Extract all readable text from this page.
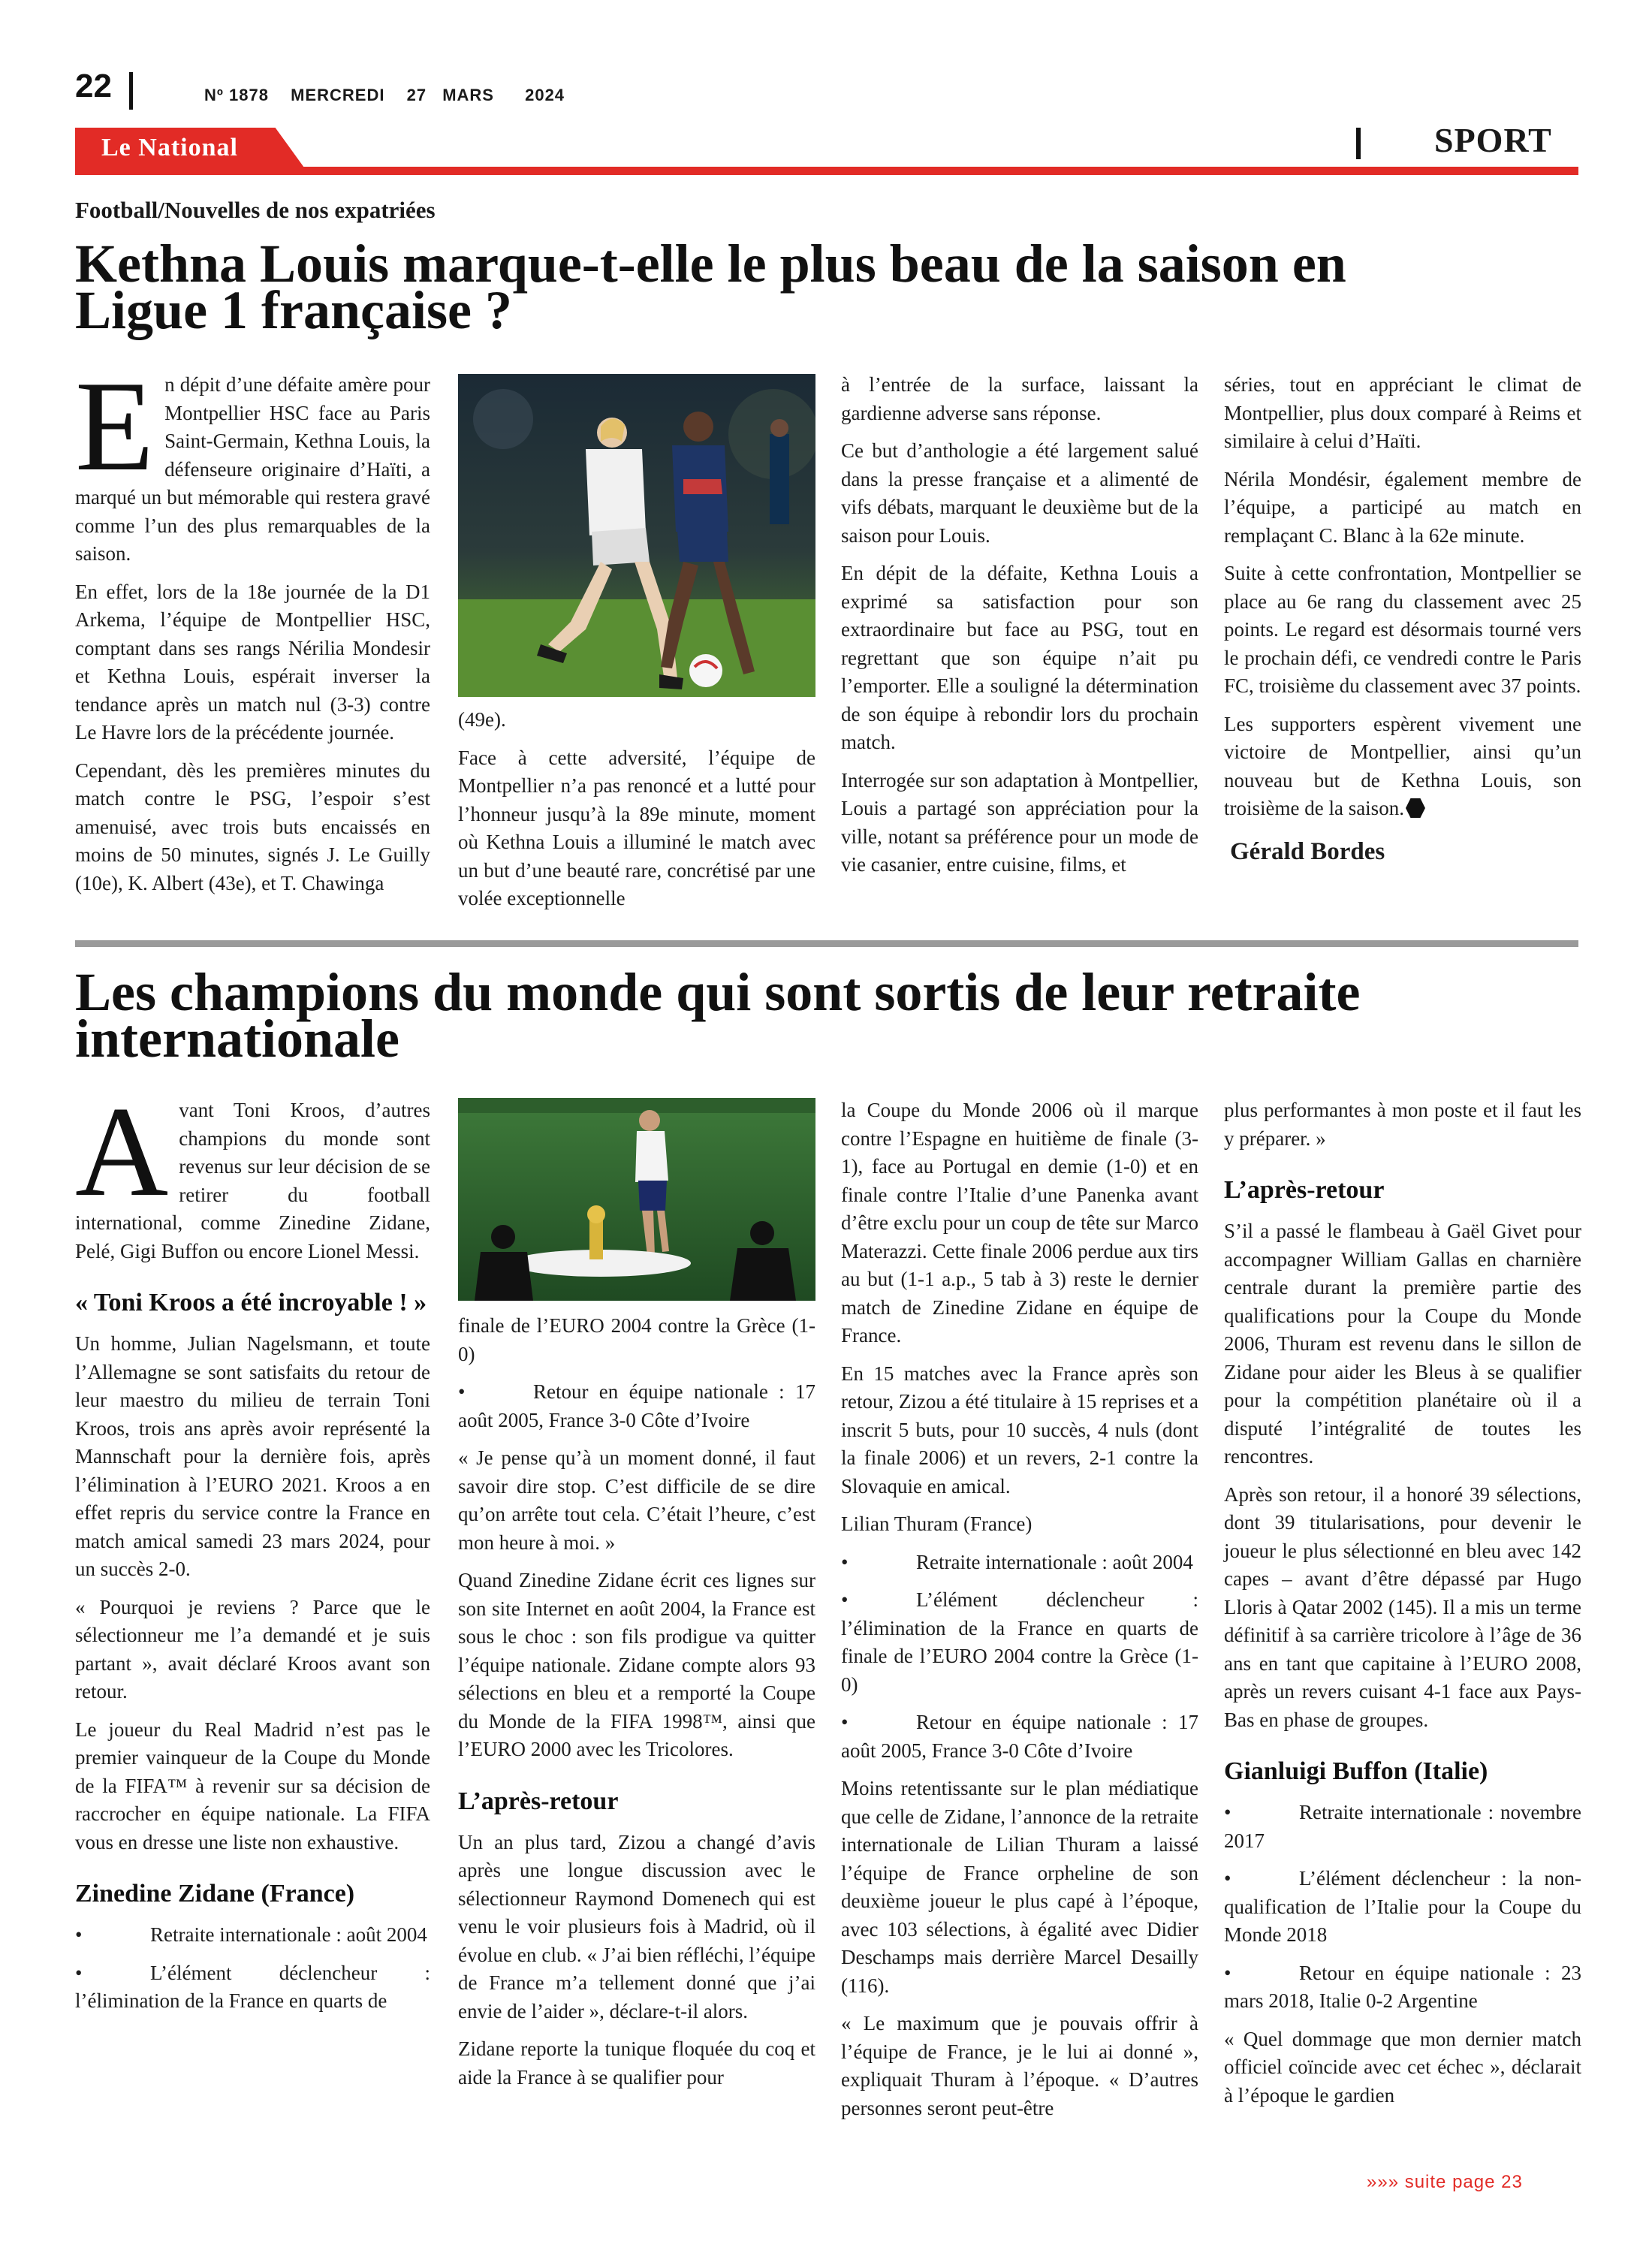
22	Nº 1878 MERCREDI 27 MARS 2024
Le National	SPORT
Football/Nouvelles de nos expatriées
Kethna Louis marque-t-elle le plus beau de la saison en
Ligue 1 française ?

En dépit d’une défaite amère pour Montpellier HSC face au Paris Saint-Germain, Kethna Louis, la défenseure originaire d’Haïti, a marqué un but mémorable qui restera gravé comme l’un des plus remarquables de la saison.

En effet, lors de la 18e journée de la D1 Arkema, l’équipe de Montpellier HSC, comptant dans ses rangs Nérilia Mondesir et Kethna Louis, espérait inverser la tendance après un match nul (3-3) contre Le Havre lors de la précédente journée.

Cependant, dès les premières minutes du match contre le PSG, l’espoir s’est amenuisé, avec trois buts encaissés en moins de 50 minutes, signés J. Le Guilly (10e), K. Albert (43e), et T. Chawinga

(49e).

Face à cette adversité, l’équipe de Montpellier n’a pas renoncé et a lutté pour l’honneur jusqu’à la 89e minute, moment où Kethna Louis a illuminé le match avec un but d’une beauté rare, concrétisé par une volée exceptionnelle

à l’entrée de la surface, laissant la gardienne adverse sans réponse.

Ce but d’anthologie a été largement salué dans la presse française et a alimenté de vifs débats, marquant le deuxième but de la saison pour Louis.

En dépit de la défaite, Kethna Louis a exprimé sa satisfaction pour son extraordinaire but face au PSG, tout en regrettant que son équipe n’ait pu l’emporter. Elle a souligné la détermination de son équipe à rebondir lors du prochain match.

Interrogée sur son adaptation à Montpellier, Louis a partagé son appréciation pour la ville, notant sa préférence pour un mode de vie casanier, entre cuisine, films, et

séries, tout en appréciant le climat de Montpellier, plus doux comparé à Reims et similaire à celui d’Haïti.

Nérila Mondésir, également membre de l’équipe, a participé au match en remplaçant C. Blanc à la 62e minute.

Suite à cette confrontation, Montpellier se place au 6e rang du classement avec 25 points. Le regard est désormais tourné vers le prochain défi, ce vendredi contre le Paris FC, troisième du classement avec 37 points.

Les supporters espèrent vivement une victoire de Montpellier, ainsi qu’un nouveau but de Kethna Louis, son troisième de la saison.

Gérald Bordes
Les champions du monde qui sont sortis de leur retraite
internationale

Avant Toni Kroos, d’autres champions du monde sont revenus sur leur décision de se retirer du football international, comme Zinedine Zidane, Pelé, Gigi Buffon ou encore Lionel Messi.

« Toni Kroos a été incroyable ! »

Un homme, Julian Nagelsmann, et toute l’Allemagne se sont satisfaits du retour de leur maestro du milieu de terrain Toni Kroos, trois ans après avoir représenté la Mannschaft pour la dernière fois, après l’élimination à l’EURO 2021. Kroos a en effet repris du service contre la France en match amical samedi 23 mars 2024, pour un succès 2-0.

« Pourquoi je reviens ? Parce que le sélectionneur me l’a demandé et je suis partant », avait déclaré Kroos avant son retour.

Le joueur du Real Madrid n’est pas le premier vainqueur de la Coupe du Monde de la FIFA™ à revenir sur sa décision de raccrocher en équipe nationale. La FIFA vous en dresse une liste non exhaustive.

Zinedine Zidane (France)

•	Retraite internationale : août 2004

•	L’élément déclencheur : l’élimination de la France en quarts de

finale de l’EURO 2004 contre la Grèce (1-0)

•	Retour en équipe nationale : 17 août 2005, France 3-0 Côte d’Ivoire

« Je pense qu’à un moment donné, il faut savoir dire stop. C’est difficile de se dire qu’on arrête tout cela. C’était l’heure, c’est mon heure à moi. »

Quand Zinedine Zidane écrit ces lignes sur son site Internet en août 2004, la France est sous le choc : son fils prodigue va quitter l’équipe nationale. Zidane compte alors 93 sélections en bleu et a remporté la Coupe du Monde de la FIFA 1998™, ainsi que l’EURO 2000 avec les Tricolores.

L’après-retour

Un an plus tard, Zizou a changé d’avis après une longue discussion avec le sélectionneur Raymond Domenech qui est venu le voir plusieurs fois à Madrid, où il évolue en club. « J’ai bien réfléchi, l’équipe de France m’a tellement donné que j’ai envie de l’aider », déclare-t-il alors.

Zidane reporte la tunique floquée du coq et aide la France à se qualifier pour

la Coupe du Monde 2006 où il marque contre l’Espagne en huitième de finale (3-1), face au Portugal en demie (1-0) et en finale contre l’Italie d’une Panenka avant d’être exclu pour un coup de tête sur Marco Materazzi. Cette finale 2006 perdue aux tirs au but (1-1 a.p., 5 tab à 3) reste le dernier match de Zinedine Zidane en équipe de France.

En 15 matches avec la France après son retour, Zizou a été titulaire à 15 reprises et a inscrit 5 buts, pour 10 succès, 4 nuls (dont la finale 2006) et un revers, 2-1 contre la Slovaquie en amical.

Lilian Thuram (France)

•	Retraite internationale : août 2004

•	L’élément déclencheur : l’élimination de la France en quarts de finale de l’EURO 2004 contre la Grèce (1-0)

•	Retour en équipe nationale : 17 août 2005, France 3-0 Côte d’Ivoire

Moins retentissante sur le plan médiatique que celle de Zidane, l’annonce de la retraite internationale de Lilian Thuram a laissé l’équipe de France orpheline de son deuxième joueur le plus capé à l’époque, avec 103 sélections, à égalité avec Didier Deschamps mais derrière Marcel Desailly (116).

« Le maximum que je pouvais offrir à l’équipe de France, je le lui ai donné », expliquait Thuram à l’époque. « D’autres personnes seront peut-être

plus performantes à mon poste et il faut les y préparer. »

L’après-retour

S’il a passé le flambeau à Gaël Givet pour accompagner William Gallas en charnière centrale durant la première partie des qualifications pour la Coupe du Monde 2006, Thuram est revenu dans le sillon de Zidane pour aider les Bleus à se qualifier pour la compétition planétaire où il a disputé l’intégralité de toutes les rencontres.

Après son retour, il a honoré 39 sélections, dont 39 titularisations, pour devenir le joueur le plus sélectionné en bleu avec 142 capes – avant d’être dépassé par Hugo Lloris à Qatar 2002 (145). Il a mis un terme définitif à sa carrière tricolore à l’âge de 36 ans en tant que capitaine à l’EURO 2008, après un revers cuisant 4-1 face aux Pays-Bas en phase de groupes.

Gianluigi Buffon (Italie)

•	Retraite internationale : novembre 2017

•	L’élément déclencheur : la non-qualification de l’Italie pour la Coupe du Monde 2018

•	Retour en équipe nationale : 23 mars 2018, Italie 0-2 Argentine

« Quel dommage que mon dernier match officiel coïncide avec cet échec », déclarait à l’époque le gardien

»»» suite page 23
